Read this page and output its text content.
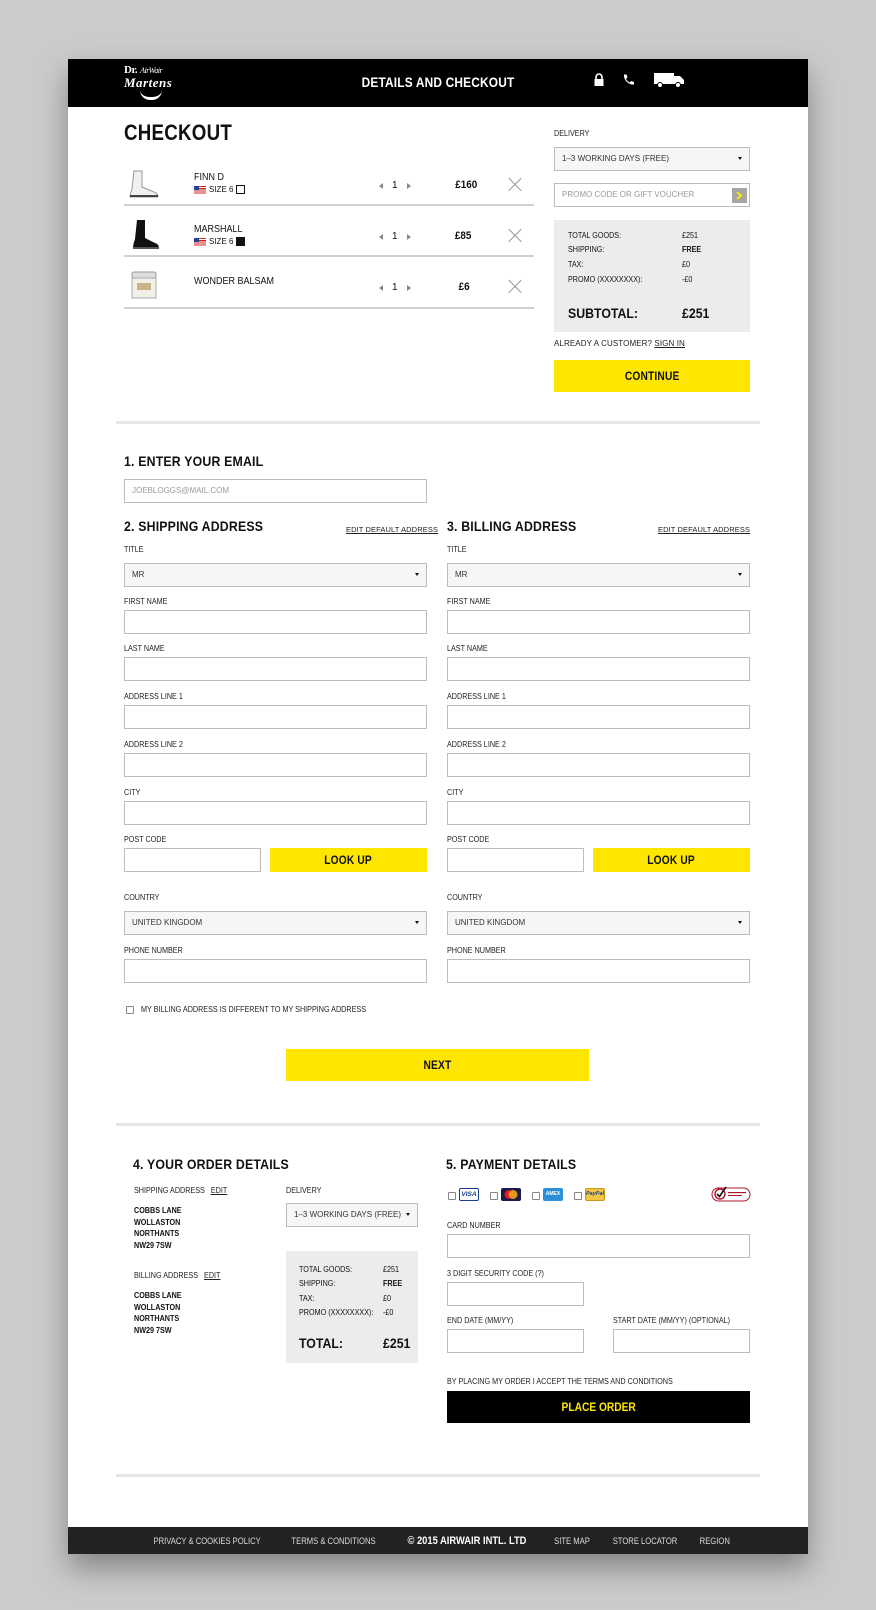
Dr. AirWair
Martens	DETAILS AND CHECKOUT
CHECKOUT
FINN D
SIZE 6	1	£160
MARSHALL
SIZE 6	1	£85
WONDER BALSAM
1	£6
DELIVERY
1–3 WORKING DAYS (FREE)
PROMO CODE OR GIFT VOUCHER
TOTAL GOODS:	£251
SHIPPING:	FREE
TAX:	£0
PROMO (XXXXXXXX):	-£0
SUBTOTAL:	£251
ALREADY A CUSTOMER? SIGN IN
CONTINUE
1. ENTER YOUR EMAIL
JOEBLOGGS@MAIL.COM
2. SHIPPING ADDRESS	EDIT DEFAULT ADDRESS
TITLE
MR
FIRST NAME
LAST NAME
ADDRESS LINE 1
ADDRESS LINE 2
CITY
POST CODE
LOOK UP
COUNTRY
UNITED KINGDOM
PHONE NUMBER
3. BILLING ADDRESS	EDIT DEFAULT ADDRESS
TITLE
MR
FIRST NAME
LAST NAME
ADDRESS LINE 1
ADDRESS LINE 2
CITY
POST CODE
LOOK UP
COUNTRY
UNITED KINGDOM
PHONE NUMBER
MY BILLING ADDRESS IS DIFFERENT TO MY SHIPPING ADDRESS
NEXT
4. YOUR ORDER DETAILS
SHIPPING ADDRESS EDIT
COBBS LANE
WOLLASTON
NORTHANTS
NW29 7SW
BILLING ADDRESS EDIT
COBBS LANE
WOLLASTON
NORTHANTS
NW29 7SW
DELIVERY
1–3 WORKING DAYS (FREE)
TOTAL GOODS:	£251
SHIPPING:	FREE
TAX:	£0
PROMO (XXXXXXXX): -£0
TOTAL:	£251
5. PAYMENT DETAILS
VISA	AMEX	PayPal
CARD NUMBER
3 DIGIT SECURITY CODE (?)
END DATE (MM/YY)	START DATE (MM/YY) (OPTIONAL)
BY PLACING MY ORDER I ACCEPT THE TERMS AND CONDITIONS
PLACE ORDER
PRIVACY & COOKIES POLICY	TERMS & CONDITIONS	© 2015 AIRWAIR INTL. LTD	SITE MAP	STORE LOCATOR REGION
